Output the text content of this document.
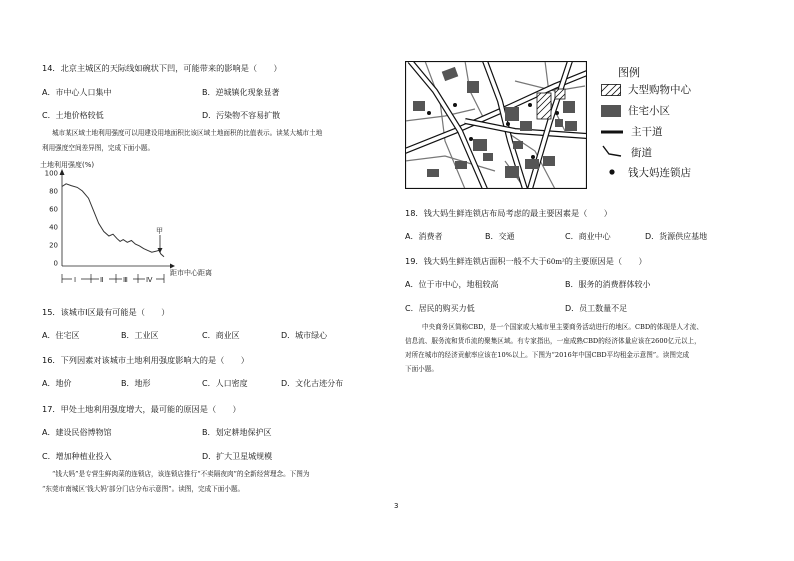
14．北京主城区的天际线如碗状下凹，可能带来的影响是（　　）
A．市中心人口集中	B．逆城镇化现象显著
C．土地价格较低	D．污染物不容易扩散
城市某区域土地利用强度可以用建设用地面积比该区域土地面积的比值表示。读某大城市土地
利用强度空间差异图，完成下面小题。
土地利用强度(%)
100
80
60
40
20
0
距市中心距离
Ⅰ	Ⅱ	Ⅲ	Ⅳ
甲
15．该城市Ⅰ区最有可能是（　　）
A．住宅区	B．工业区	C．商业区	D．城市绿心
16．下列因素对该城市土地利用强度影响大的是（　　）
A．地价	B．地形	C．人口密度	D．文化古迹分布
17．甲处土地利用强度增大，最可能的原因是（　　）
A．建设民俗博物馆	B．划定耕地保护区
C．增加种植业投入	D．扩大卫星城规模
“钱大妈”是专营生鲜肉菜的连锁店，该连锁店推行“不卖隔夜肉”的全新经营理念。下图为
“东莞市南城区‘钱大妈’部分门店分布示意图”。读图，完成下面小题。
图例
大型购物中心
住宅小区
主干道
街道
钱大妈连锁店
18．钱大妈生鲜连锁店布局考虑的最主要因素是（　　）
A．消费者	B．交通	C．商业中心	D．货源供应基地
19．钱大妈生鲜连锁店面积一般不大于60m²的主要原因是（　　）
A．位于市中心，地租较高	B．服务的消费群体较小
C．居民的购买力低	D．员工数量不足
中央商务区简称CBD，是一个国家或大城市里主要商务活动进行的地区。CBD的体现是人才流、
信息流、服务流和货币流的聚集区域。有专家指出，一座成熟CBD的经济体量应该在2600亿元以上，
对所在城市的经济贡献率应该在10%以上。下图为“2016年中国CBD平均租金示意图”。读图完成
下面小题。
3
